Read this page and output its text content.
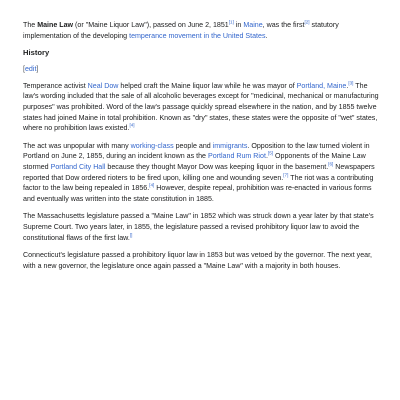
The Maine Law (or "Maine Liquor Law"), passed on June 2, 1851[1] in Maine, was the first[2] statutory implementation of the developing temperance movement in the United States.

History
[edit]

Temperance activist Neal Dow helped craft the Maine liquor law while he was mayor of Portland, Maine.[3] The law's wording included that the sale of all alcoholic beverages except for "medicinal, mechanical or manufacturing purposes" was prohibited. Word of the law's passage quickly spread elsewhere in the nation, and by 1855 twelve states had joined Maine in total prohibition. Known as "dry" states, these states were the opposite of "wet" states, where no prohibition laws existed.[4]

The act was unpopular with many working-class people and immigrants. Opposition to the law turned violent in Portland on June 2, 1855, during an incident known as the Portland Rum Riot.[5] Opponents of the Maine Law stormed Portland City Hall because they thought Mayor Dow was keeping liquor in the basement.[6] Newspapers reported that Dow ordered rioters to be fired upon, killing one and wounding seven.[7] The riot was a contributing factor to the law being repealed in 1856.[4] However, despite repeal, prohibition was re-enacted in various forms and eventually was written into the state constitution in 1885.

The Massachusetts legislature passed a "Maine Law" in 1852 which was struck down a year later by that state's Supreme Court. Two years later, in 1855, the legislature passed a revised prohibitory liquor law to avoid the constitutional flaws of the first law.[]

Connecticut's legislature passed a prohibitory liquor law in 1853 but was vetoed by the governor. The next year, with a new governor, the legislature once again passed a "Maine Law" with a majority in both houses.
